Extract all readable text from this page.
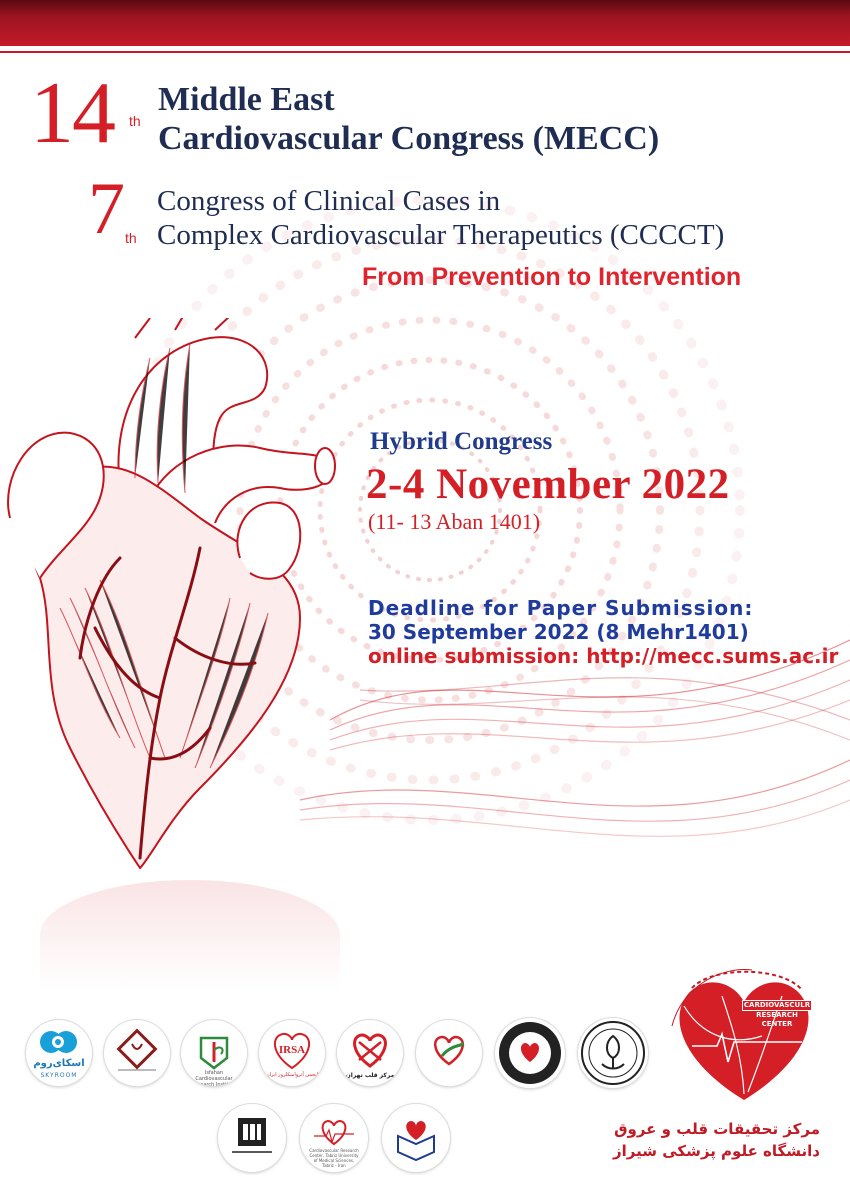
14 th
Middle East
Cardiovascular Congress (MECC)
7 th
Congress of Clinical Cases in
Complex Cardiovascular Therapeutics (CCCCT)
From Prevention to Intervention
Hybrid Congress
2-4 November 2022
(11- 13 Aban 1401)
Deadline for Paper Submission:
30 September 2022 (8 Mehr1401)
online submission: http://mecc.sums.ac.ir
اسکای‌روم
SKYROOM	Isfahan Cardiovascular Research Institute
IRSA
انجمن آترواسکلروز ایران	مرکز قلب تهران
Cardiovascular Research Center, Tabriz University of Medical Sciences, Tabriz - Iran
CARDIOVASCULR
RESEARCH
CENTER
مرکز تحقیقات قلب و عروق
دانشگاه علوم پزشکی شیراز
